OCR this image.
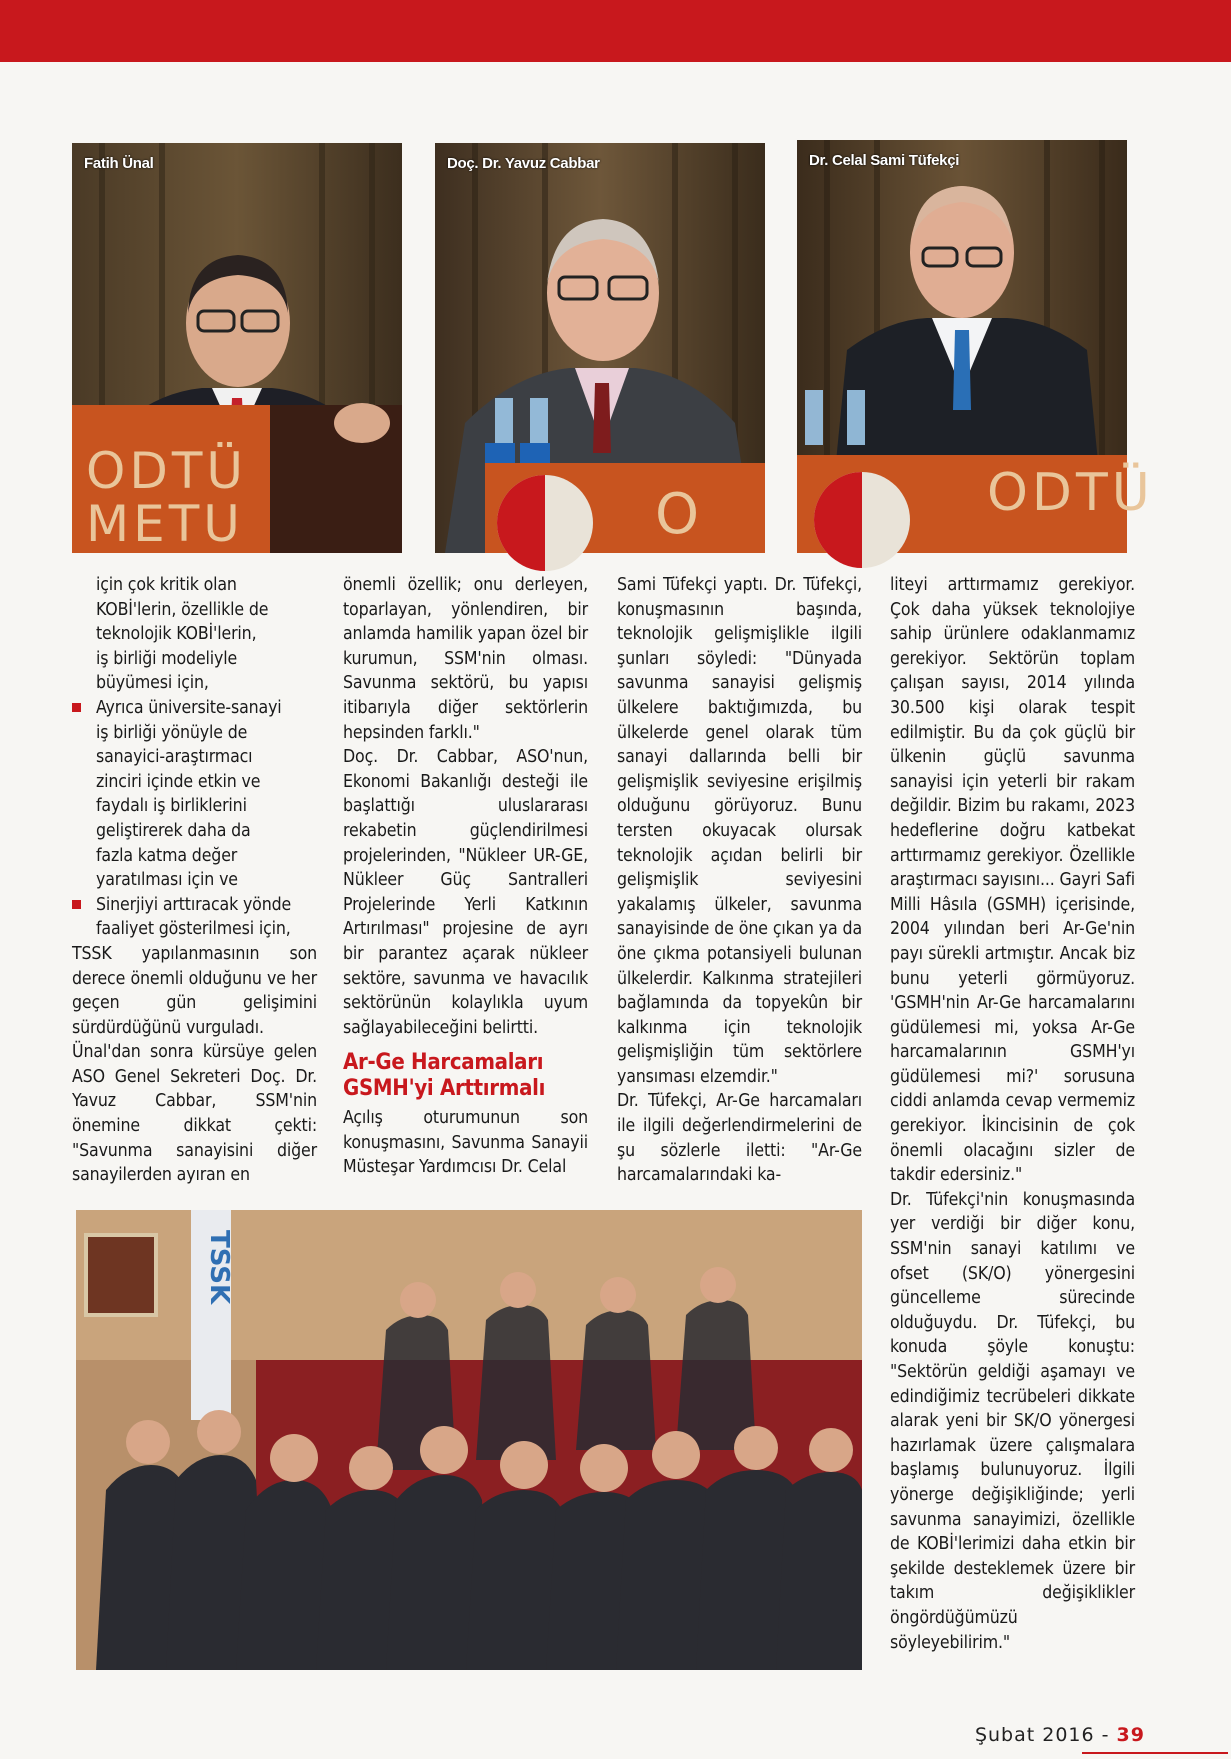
ODTÜ
METU
Fatih Ünal
O
Doç. Dr. Yavuz Cabbar
ODTÜ
Dr. Celal Sami Tüfekçi

için çok kritik olan

KOBİ'lerin, özellikle de

teknolojik KOBİ'lerin,

iş birliği modeliyle

büyümesi için,

Ayrıca üniversite-sanayi

iş birliği yönüyle de

sanayici-araştırmacı

zinciri içinde etkin ve

faydalı iş birliklerini

geliştirerek daha da

fazla katma değer

yaratılması için ve

Sinerjiyi arttıracak yönde

faaliyet gösterilmesi için,

TSSK yapılanmasının son derece önemli olduğunu ve her geçen gün gelişimini sürdürdüğünü vurguladı.

Ünal'dan sonra kürsüye gelen ASO Genel Sekreteri Doç. Dr. Yavuz Cabbar, SSM'nin önemine dikkat çekti: "Savunma sanayisini diğer sanayilerden ayıran en

önemli özellik; onu derleyen, toparlayan, yönlendiren, bir anlamda hamilik yapan özel bir kurumun, SSM'nin olması. Savunma sektörü, bu yapısı itibarıyla diğer sektörlerin hepsinden farklı."

Doç. Dr. Cabbar, ASO'nun, Ekonomi Bakanlığı desteği ile başlattığı uluslararası rekabetin güçlendirilmesi projelerinden, "Nükleer UR-GE, Nükleer Güç Santralleri Projelerinde Yerli Katkının Artırılması" projesine de ayrı bir parantez açarak nükleer sektöre, savunma ve havacılık sektörünün kolaylıkla uyum sağlayabileceğini belirtti.

Ar-Ge Harcamaları GSMH'yi Arttırmalı

Açılış oturumunun son konuşmasını, Savunma Sanayii Müsteşar Yardımcısı Dr. Celal

Sami Tüfekçi yaptı. Dr. Tüfekçi, konuşmasının başında, teknolojik gelişmişlikle ilgili şunları söyledi: "Dünyada savunma sanayisi gelişmiş ülkelere baktığımızda, bu ülkelerde genel olarak tüm sanayi dallarında belli bir gelişmişlik seviyesine erişilmiş olduğunu görüyoruz. Bunu tersten okuyacak olursak teknolojik açıdan belirli bir gelişmişlik seviyesini yakalamış ülkeler, savunma sanayisinde de öne çıkan ya da öne çıkma potansiyeli bulunan ülkelerdir. Kalkınma stratejileri bağlamında da topyekûn bir kalkınma için teknolojik gelişmişliğin tüm sektörlere yansıması elzemdir."

Dr. Tüfekçi, Ar-Ge harcamaları ile ilgili değerlendirmelerini de şu sözlerle iletti: "Ar-Ge harcamalarındaki ka-

liteyi arttırmamız gerekiyor. Çok daha yüksek teknolojiye sahip ürünlere odaklanmamız gerekiyor. Sektörün toplam çalışan sayısı, 2014 yılında 30.500 kişi olarak tespit edilmiştir. Bu da çok güçlü bir ülkenin güçlü savunma sanayisi için yeterli bir rakam değildir. Bizim bu rakamı, 2023 hedeflerine doğru katbekat arttırmamız gerekiyor. Özellikle araştırmacı sayısını... Gayri Safi Milli Hâsıla (GSMH) içerisinde, 2004 yılından beri Ar-Ge'nin payı sürekli artmıştır. Ancak biz bunu yeterli görmüyoruz. 'GSMH'nin Ar-Ge harcamalarını güdülemesi mi, yoksa Ar-Ge harcamalarının GSMH'yı güdülemesi mi?' sorusuna ciddi anlamda cevap vermemiz gerekiyor. İkincisinin de çok önemli olacağını sizler de takdir edersiniz."

Dr. Tüfekçi'nin konuşmasında yer verdiği bir diğer konu, SSM'nin sanayi katılımı ve ofset (SK/O) yönergesini güncelleme sürecinde olduğuydu. Dr. Tüfekçi, bu konuda şöyle konuştu: "Sektörün geldiği aşamayı ve edindiğimiz tecrübeleri dikkate alarak yeni bir SK/O yönergesi hazırlamak üzere çalışmalara başlamış bulunuyoruz. İlgili yönerge değişikliğinde; yerli savunma sanayimizi, özellikle de KOBİ'lerimizi daha etkin bir şekilde desteklemek üzere bir takım değişiklikler öngördüğümüzü söyleyebilirim."

TSSK
Şubat 2016 - 39
